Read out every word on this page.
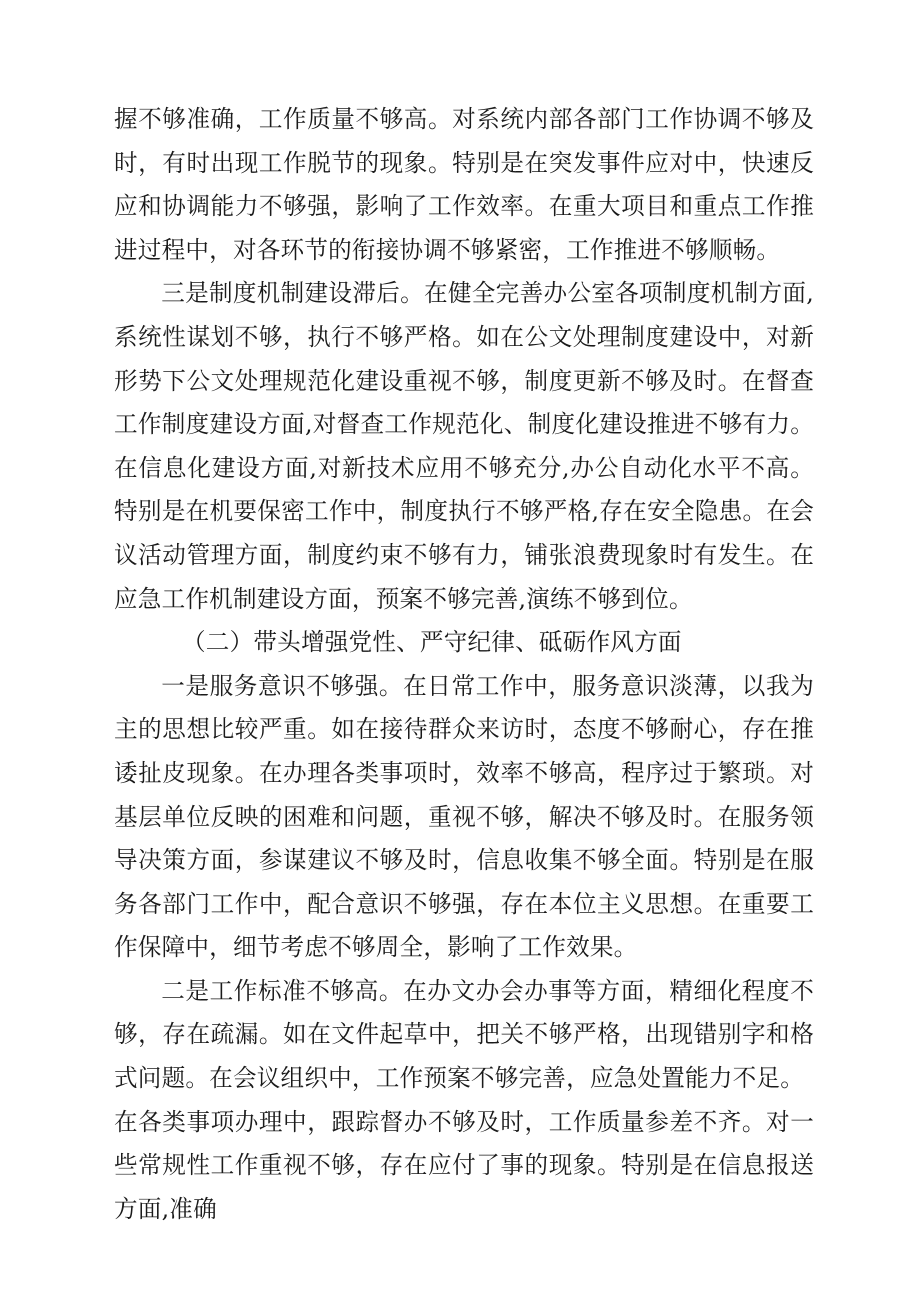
握不够准确，工作质量不够高。对系统内部各部门工作协调不够及时，有时出现工作脱节的现象。特别是在突发事件应对中，快速反应和协调能力不够强，影响了工作效率。在重大项目和重点工作推进过程中，对各环节的衔接协调不够紧密，工作推进不够顺畅。

三是制度机制建设滞后。在健全完善办公室各项制度机制方面,系统性谋划不够，执行不够严格。如在公文处理制度建设中，对新形势下公文处理规范化建设重视不够，制度更新不够及时。在督查工作制度建设方面,对督查工作规范化、制度化建设推进不够有力。在信息化建设方面,对新技术应用不够充分,办公自动化水平不高。特别是在机要保密工作中，制度执行不够严格,存在安全隐患。在会议活动管理方面，制度约束不够有力，铺张浪费现象时有发生。在应急工作机制建设方面，预案不够完善,演练不够到位。

（二）带头增强党性、严守纪律、砥砺作风方面

一是服务意识不够强。在日常工作中，服务意识淡薄，以我为主的思想比较严重。如在接待群众来访时，态度不够耐心，存在推诿扯皮现象。在办理各类事项时，效率不够高，程序过于繁琐。对基层单位反映的困难和问题，重视不够，解决不够及时。在服务领导决策方面，参谋建议不够及时，信息收集不够全面。特别是在服务各部门工作中，配合意识不够强，存在本位主义思想。在重要工作保障中，细节考虑不够周全，影响了工作效果。

二是工作标准不够高。在办文办会办事等方面，精细化程度不够，存在疏漏。如在文件起草中，把关不够严格，出现错别字和格式问题。在会议组织中，工作预案不够完善，应急处置能力不足。

在各类事项办理中，跟踪督办不够及时，工作质量参差不齐。对一些常规性工作重视不够，存在应付了事的现象。特别是在信息报送方面,准确
